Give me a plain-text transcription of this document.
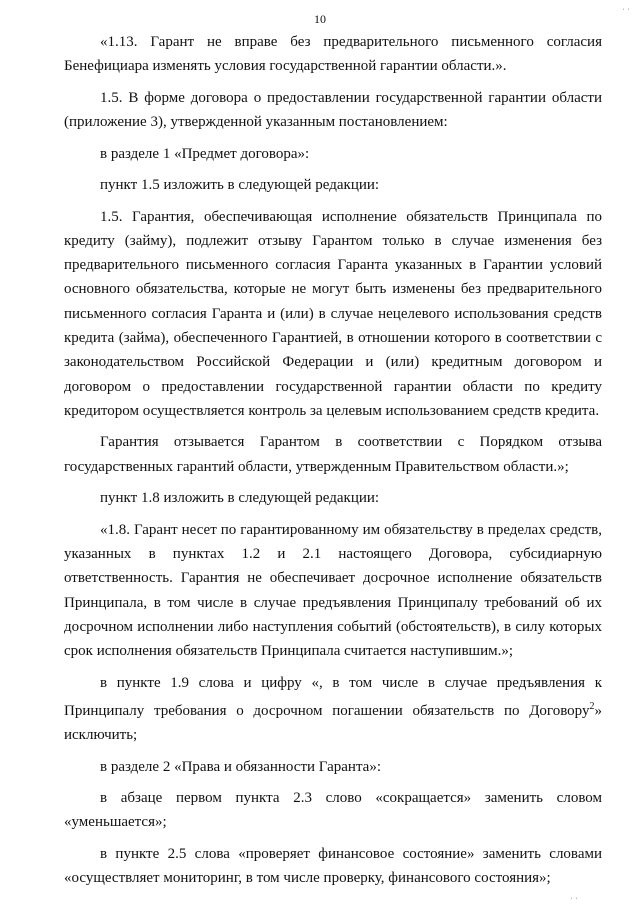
10
ˌ ˌ

«1.13. Гарант не вправе без предварительного письменного согласия Бенефициара изменять условия государственной гарантии области.».

1.5. В форме договора о предоставлении государственной гарантии области (приложение 3), утвержденной указанным постановлением:

в разделе 1 «Предмет договора»:

пункт 1.5 изложить в следующей редакции:

1.5. Гарантия, обеспечивающая исполнение обязательств Принципала по кредиту (займу), подлежит отзыву Гарантом только в случае изменения без предварительного письменного согласия Гаранта указанных в Гарантии условий основного обязательства, которые не могут быть изменены без предварительного письменного согласия Гаранта и (или) в случае нецелевого использования средств кредита (займа), обеспеченного Гарантией, в отношении которого в соответствии с законодательством Российской Федерации и (или) кредитным договором и договором о предоставлении государственной гарантии области по кредиту кредитором осуществляется контроль за целевым использованием средств кредита.

Гарантия отзывается Гарантом в соответствии с Порядком отзыва государственных гарантий области, утвержденным Правительством области.»;

пункт 1.8 изложить в следующей редакции:

«1.8. Гарант несет по гарантированному им обязательству в пределах средств, указанных в пунктах 1.2 и 2.1 настоящего Договора, субсидиарную ответственность. Гарантия не обеспечивает досрочное исполнение обязательств Принципала, в том числе в случае предъявления Принципалу требований об их досрочном исполнении либо наступления событий (обстоятельств), в силу которых срок исполнения обязательств Принципала считается наступившим.»;

в пункте 1.9 слова и цифру «, в том числе в случае предъявления к Принципалу требования о досрочном погашении обязательств по Договору$^2$» исключить;

в разделе 2 «Права и обязанности Гаранта»:

в абзаце первом пункта 2.3 слово «сокращается» заменить словом «уменьшается»;

в пункте 2.5 слова «проверяет финансовое состояние» заменить словами «осуществляет мониторинг, в том числе проверку, финансового состояния»;

ˌ ˌ
